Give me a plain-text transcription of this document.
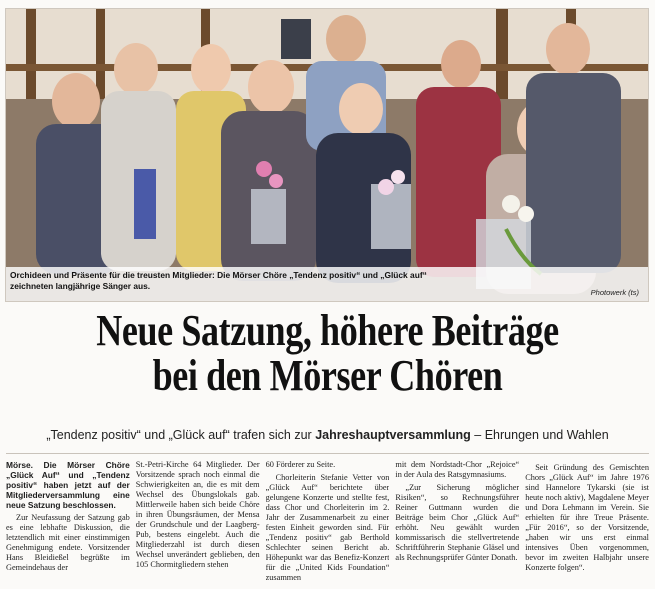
Orchideen und Präsente für die treusten Mitglieder: Die Mörser Chöre „Tendenz positiv“ und „Glück auf“ zeichneten langjährige Sänger aus.
Photowerk (ts)
Neue Satzung, höhere Beiträge
bei den Mörser Chören
„Tendenz positiv“ und „Glück auf“ trafen sich zur Jahreshauptversammlung – Ehrungen und Wahlen

Mörse. Die Mörser Chöre „Glück Auf“ und „Tendenz positiv“ haben jetzt auf der Mitgliederversammlung eine neue Satzung beschlossen.

Zur Neufassung der Satzung gab es eine lebhafte Diskussion, die letztendlich mit einer einstimmigen Genehmigung endete. Vorsitzender Hans Bleidießel begrüßte im Gemeindehaus der

St.-Petri-Kirche 64 Mitglieder. Der Vorsitzende sprach noch einmal die Schwierigkeiten an, die es mit dem Wechsel des Übungslokals gab. Mittlerweile haben sich beide Chöre in ihren Übungsräumen, der Mensa der Grundschule und der Laagberg-Pub, bestens eingelebt. Auch die Mitgliederzahl ist durch diesen Wechsel unverändert geblieben, den 105 Chormitgliedern stehen

60 Förderer zu Seite.

Chorleiterin Stefanie Vetter von „Glück Auf“ berichtete über gelungene Konzerte und stellte fest, dass Chor und Chorleiterin im 2. Jahr der Zusammenarbeit zu einer festen Einheit geworden sind. Für „Tendenz positiv“ gab Berthold Schlechter seinen Bericht ab. Höhepunkt war das Benefiz-Konzert für die „United Kids Foundation“ zusammen

mit dem Nordstadt-Chor „Rejoice“ in der Aula des Ratsgymnasiums.

„Zur Sicherung möglicher Risiken“, so Rechnungsführer Reiner Guttmann wurden die Beiträge beim Chor „Glück Auf“ erhöht. Neu gewählt wurden kommissarisch die stellvertretende Schriftführerin Stephanie Gläsel und als Rechnungsprüfer Günter Donath.

Seit Gründung des Gemischten Chors „Glück Auf“ im Jahre 1976 sind Hannelore Tykarski (sie ist heute noch aktiv), Magdalene Meyer und Dora Lehmann im Verein. Sie erhielten für ihre Treue Präsente. „Für 2016“, so der Vorsitzende, „haben wir uns erst einmal intensives Üben vorgenommen, bevor im zweiten Halbjahr unsere Konzerte folgen“.
